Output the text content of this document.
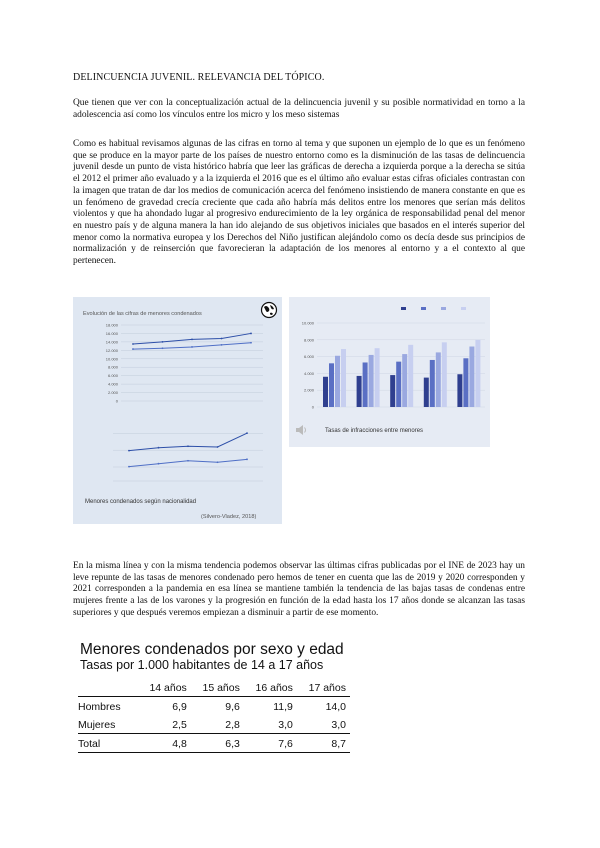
DELINCUENCIA JUVENIL. RELEVANCIA DEL TÓPICO.

Que tienen que ver con la conceptualización actual de la delincuencia juvenil y su posible normatividad en torno a la adolescencia así como los vínculos entre los micro y los meso sistemas

Como es habitual revisamos algunas de las cifras en torno al tema y que suponen un ejemplo de lo que es un fenómeno que se produce en la mayor parte de los países de nuestro entorno como es la disminución de las tasas de delincuencia juvenil desde un punto de vista histórico habría que leer las gráficas de derecha a izquierda porque a la derecha se sitúa el 2012 el primer año evaluado y a la izquierda el 2016 que es el último año evaluar estas cifras oficiales contrastan con la imagen que tratan de dar los medios de comunicación acerca del fenómeno insistiendo de manera constante en que es un fenómeno de gravedad crecía creciente que cada año habría más delitos entre los menores que serían más delitos violentos y que ha ahondado lugar al progresivo endurecimiento de la ley orgánica de responsabilidad penal del menor en nuestro país y de alguna manera la han ido alejando de sus objetivos iniciales que basados en el interés superior del menor como la normativa europea y los Derechos del Niño justifican alejándolo como os decía desde sus principios de normalización y de reinserción que favorecieran la adaptación de los menores al entorno y a el contexto al que pertenecen.

Evolución de las cifras de menores condenados
18.000
16.000
14.000
12.000
10.000
8.000
6.000
4.000
2.000
0
Menores condenados según nacionalidad
(Silvero-Vladez, 2018)
10.000
8.000
6.000
4.000
2.000
0
Tasas de infracciones entre menores

En la misma línea y con la misma tendencia podemos observar las últimas cifras publicadas por el INE de 2023 hay un leve repunte de las tasas de menores condenado pero hemos de tener en cuenta que las de 2019 y 2020 corresponden y 2021 corresponden a la pandemia en esa línea se mantiene también la tendencia de las bajas tasas de condenas entre mujeres frente a las de los varones y la progresión en función de la edad hasta los 17 años donde se alcanzan las tasas superiores y que después veremos empiezan a disminuir a partir de ese momento.

Menores condenados por sexo y edad
Tasas por 1.000 habitantes de 14 a 17 años
	14 años	15 años	16 años	17 años
Hombres	6,9	9,6	11,9	14,0
Mujeres	2,5	2,8	3,0	3,0
Total	4,8	6,3	7,6	8,7
